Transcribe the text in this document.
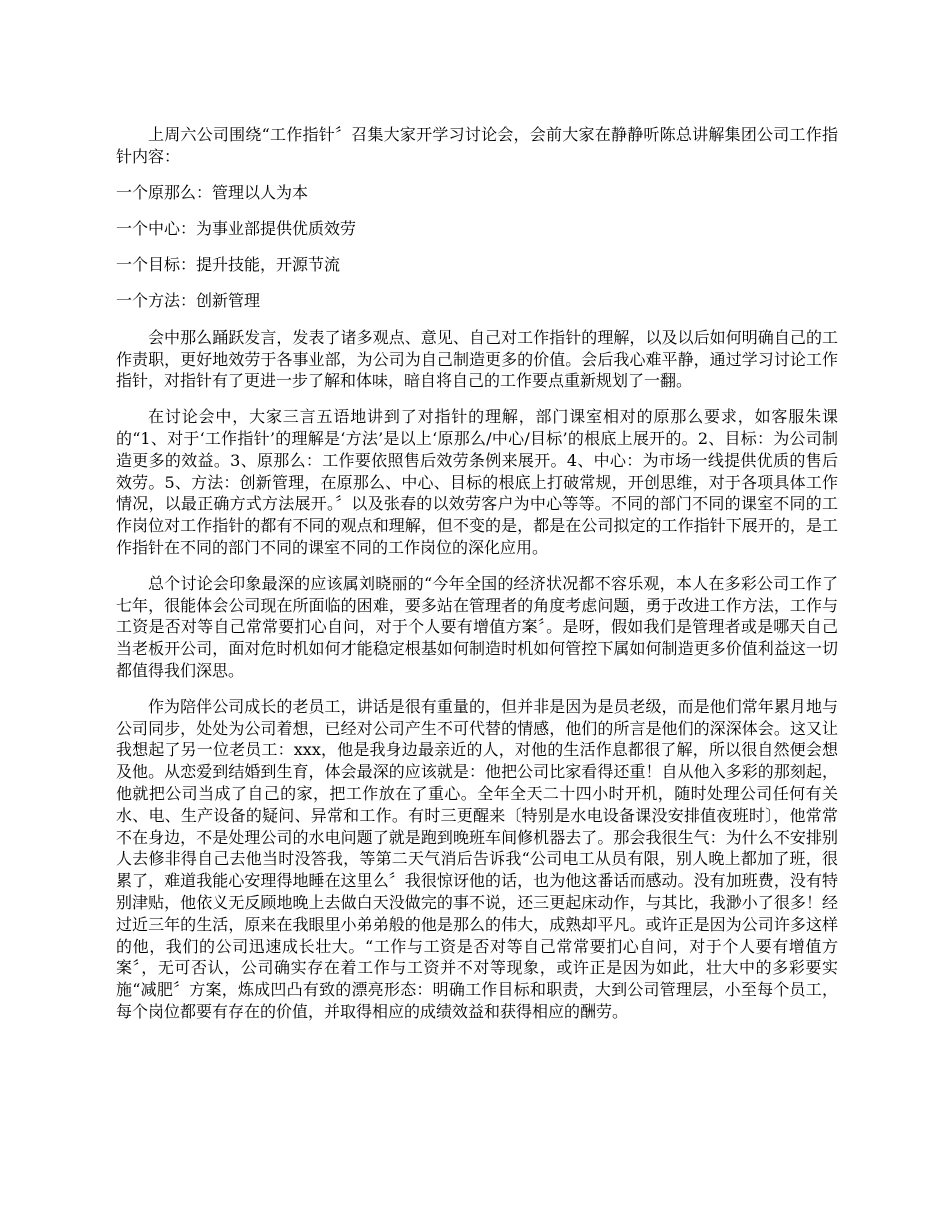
上周六公司围绕“工作指针〞召集大家开学习讨论会，会前大家在静静听陈总讲解集团公司工作指针内容：

一个原那么：管理以人为本

一个中心：为事业部提供优质效劳

一个目标：提升技能，开源节流

一个方法：创新管理

会中那么踊跃发言，发表了诸多观点、意见、自己对工作指针的理解，以及以后如何明确自己的工作责职，更好地效劳于各事业部，为公司为自己制造更多的价值。会后我心难平静，通过学习讨论工作指针，对指针有了更进一步了解和体味，暗自将自己的工作要点重新规划了一翻。

在讨论会中，大家三言五语地讲到了对指针的理解，部门课室相对的原那么要求，如客服朱课的“1、对于‘工作指针’的理解是‘方法’是以上‘原那么/中心/目标’的根底上展开的。2、目标：为公司制造更多的效益。3、原那么：工作要依照售后效劳条例来展开。4、中心：为市场一线提供优质的售后效劳。5、方法：创新管理，在原那么、中心、目标的根底上打破常规，开创思维，对于各项具体工作情况，以最正确方式方法展开。〞以及张春的以效劳客户为中心等等。不同的部门不同的课室不同的工作岗位对工作指针的都有不同的观点和理解，但不变的是，都是在公司拟定的工作指针下展开的，是工作指针在不同的部门不同的课室不同的工作岗位的深化应用。

总个讨论会印象最深的应该属刘晓丽的“今年全国的经济状况都不容乐观，本人在多彩公司工作了七年，很能体会公司现在所面临的困难，要多站在管理者的角度考虑问题，勇于改进工作方法，工作与工资是否对等自己常常要扪心自问，对于个人要有增值方案〞。是呀，假如我们是管理者或是哪天自己当老板开公司，面对危时机如何才能稳定根基如何制造时机如何管控下属如何制造更多价值利益这一切都值得我们深思。

作为陪伴公司成长的老员工，讲话是很有重量的，但并非是因为是员老级，而是他们常年累月地与公司同步，处处为公司着想，已经对公司产生不可代替的情感，他们的所言是他们的深深体会。这又让我想起了另一位老员工：xxx，他是我身边最亲近的人，对他的生活作息都很了解，所以很自然便会想及他。从恋爱到结婚到生育，体会最深的应该就是：他把公司比家看得还重！自从他入多彩的那刻起，他就把公司当成了自己的家，把工作放在了重心。全年全天二十四小时开机，随时处理公司任何有关水、电、生产设备的疑问、异常和工作。有时三更醒来〔特别是水电设备课没安排值夜班时〕，他常常不在身边，不是处理公司的水电问题了就是跑到晚班车间修机器去了。那会我很生气：为什么不安排别人去修非得自己去他当时没答我，等第二天气消后告诉我“公司电工从员有限，别人晚上都加了班，很累了，难道我能心安理得地睡在这里么〞我很惊讶他的话，也为他这番话而感动。没有加班费，没有特别津贴，他依义无反顾地晚上去做白天没做完的事不说，还三更起床动作，与其比，我渺小了很多！经过近三年的生活，原来在我眼里小弟弟般的他是那么的伟大，成熟却平凡。或许正是因为公司许多这样的他，我们的公司迅速成长壮大。“工作与工资是否对等自己常常要扪心自问，对于个人要有增值方案〞，无可否认，公司确实存在着工作与工资并不对等现象，或许正是因为如此，壮大中的多彩要实施“减肥〞方案，炼成凹凸有致的漂亮形态：明确工作目标和职责，大到公司管理层，小至每个员工，每个岗位都要有存在的价值，并取得相应的成绩效益和获得相应的酬劳。
